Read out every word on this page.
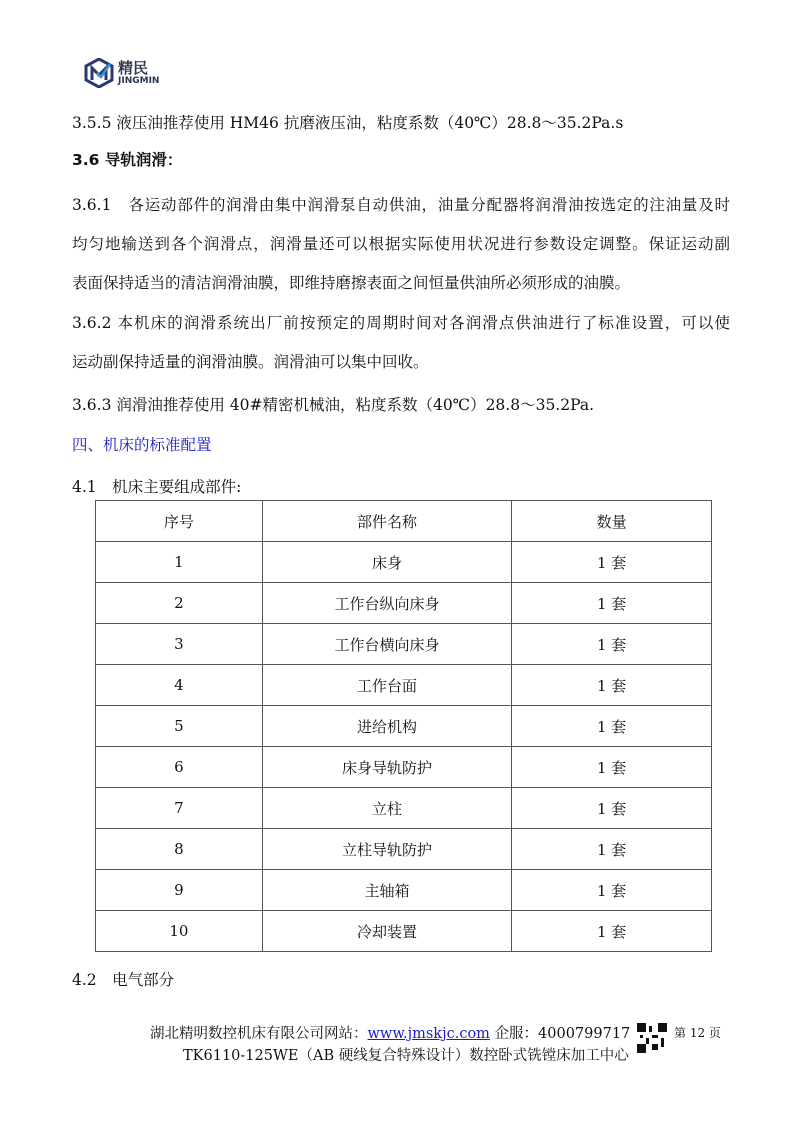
精民
JINGMIN
3.5.5 液压油推荐使用 HM46 抗磨液压油，粘度系数（40℃）28.8～35.2Pa.s
3.6 导轨润滑：
3.6.1　各运动部件的润滑由集中润滑泵自动供油，油量分配器将润滑油按选定的注油量及时
均匀地输送到各个润滑点，润滑量还可以根据实际使用状况进行参数设定调整。保证运动副
表面保持适当的清洁润滑油膜，即维持磨擦表面之间恒量供油所必须形成的油膜。
3.6.2 本机床的润滑系统出厂前按预定的周期时间对各润滑点供油进行了标准设置，可以使
运动副保持适量的润滑油膜。润滑油可以集中回收。
3.6.3 润滑油推荐使用 40#精密机械油，粘度系数（40℃）28.8～35.2Pa.
四、机床的标准配置
4.1　机床主要组成部件:
序号	部件名称	数量
1	床身	1 套
2	工作台纵向床身	1 套
3	工作台横向床身	1 套
4	工作台面	1 套
5	进给机构	1 套
6	床身导轨防护	1 套
7	立柱	1 套
8	立柱导轨防护	1 套
9	主轴箱	1 套
10	冷却装置	1 套
4.2　电气部分
湖北精明数控机床有限公司网站：www.jmskjc.com 企服：4000799717	第 12 页
TK6110-125WE（AB 硬线复合特殊设计）数控卧式铣镗床加工中心
